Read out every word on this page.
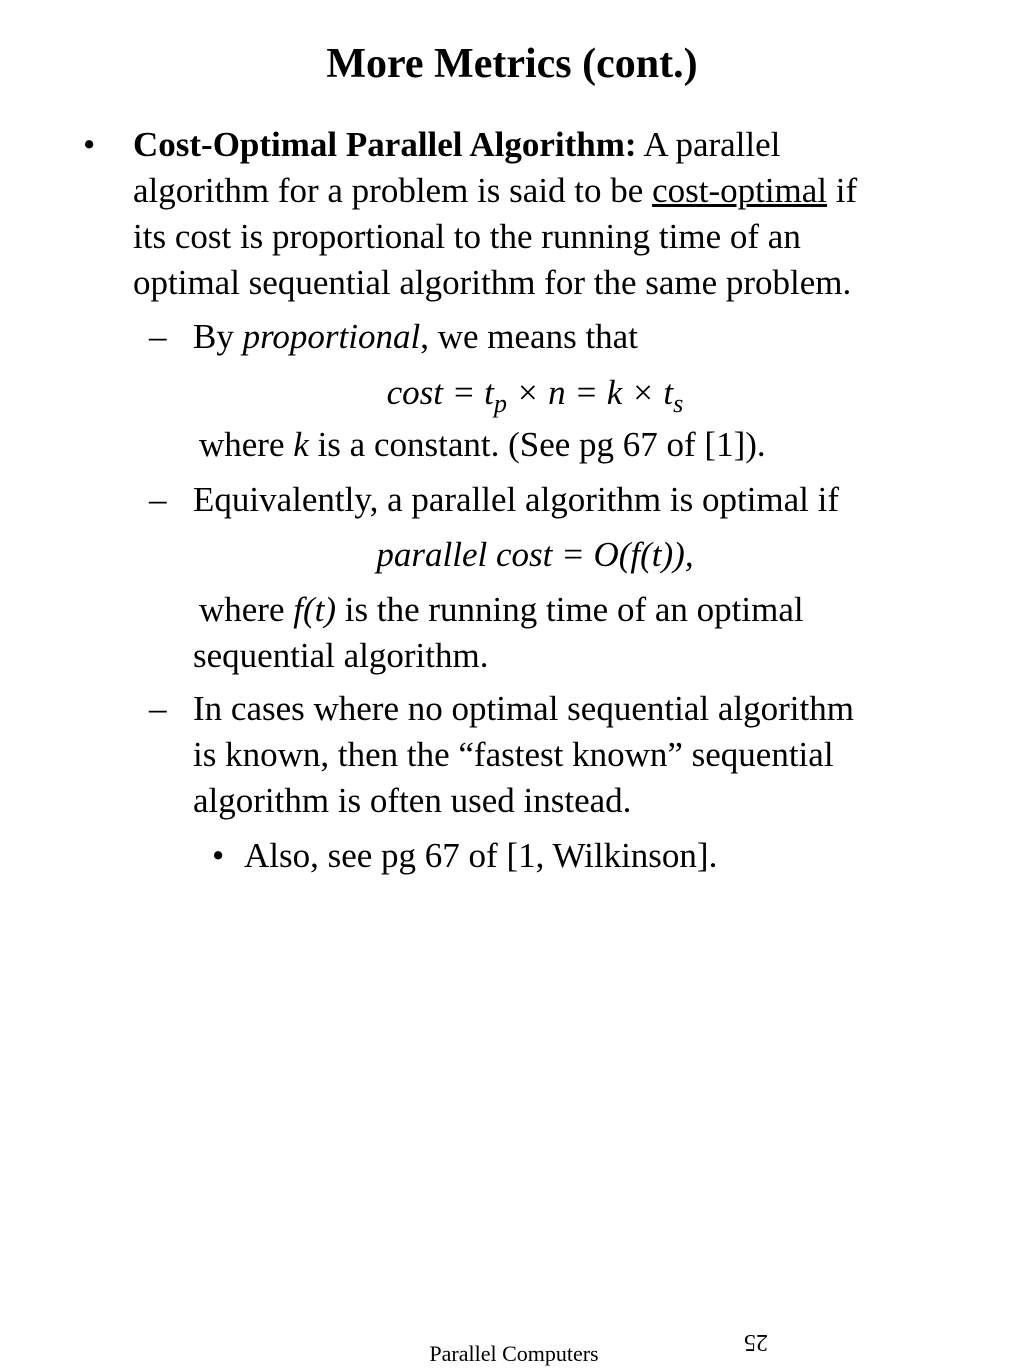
More Metrics (cont.)
• Cost-Optimal Parallel Algorithm: A parallel
algorithm for a problem is said to be cost-optimal if
its cost is proportional to the running time of an
optimal sequential algorithm for the same problem.
– By proportional, we means that
$\cos t = t_p \times n = k \times t_s$
where k is a constant. (See pg 67 of [1]).
– Equivalently, a parallel algorithm is optimal if
parallel cost = O(f(t)),
where f(t) is the running time of an optimal
sequential algorithm.
– In cases where no optimal sequential algorithm
is known, then the “fastest known” sequential
algorithm is often used instead.
• Also, see pg 67 of [1, Wilkinson].
25
Parallel Computers
